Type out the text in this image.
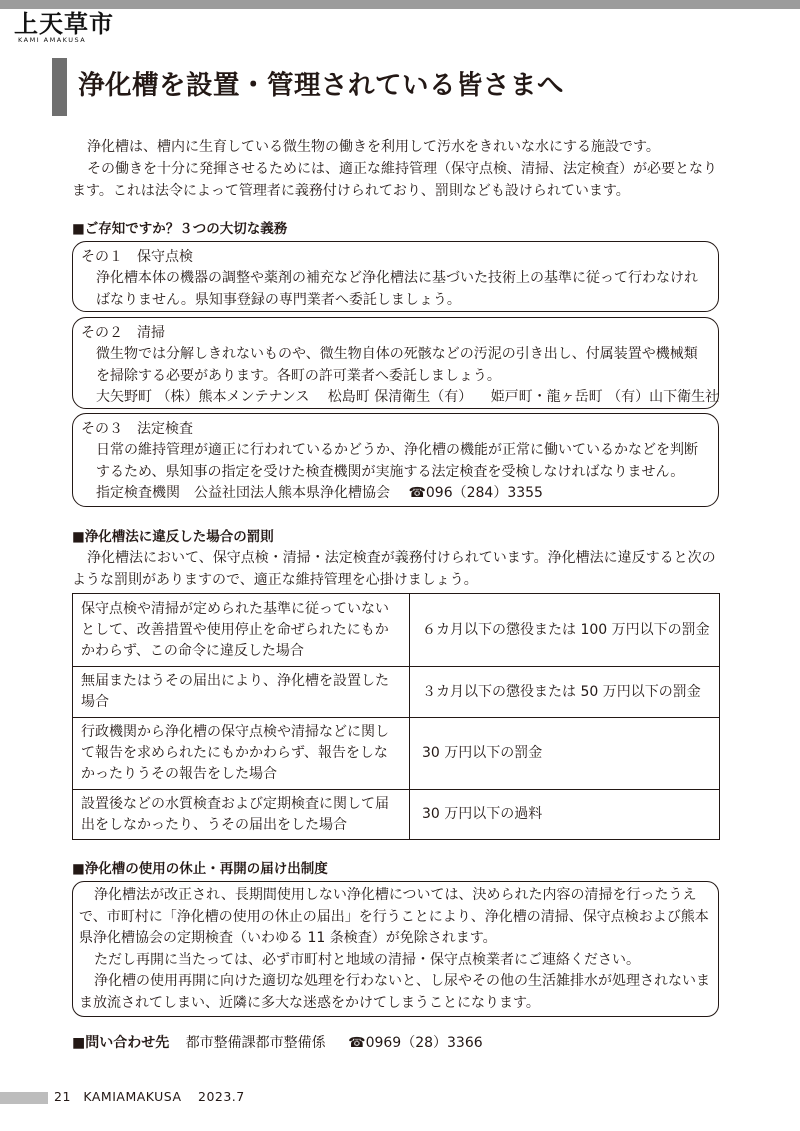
上天草市
KAMI AMAKUSA
浄化槽を設置・管理されている皆さまへ

浄化槽は、槽内に生育している微生物の働きを利用して汚水をきれいな水にする施設です。

その働きを十分に発揮させるためには、適正な維持管理（保守点検、清掃、法定検査）が必要となります。これは法令によって管理者に義務付けられており、罰則なども設けられています。

■ご存知ですか？３つの大切な義務
その１　保守点検
浄化槽本体の機器の調整や薬剤の補充など浄化槽法に基づいた技術上の基準に従って行わなければなりません。県知事登録の専門業者へ委託しましょう。
その２　清掃
微生物では分解しきれないものや、微生物自体の死骸などの汚泥の引き出し、付属装置や機械類を掃除する必要があります。各町の許可業者へ委託しましょう。
大矢野町 （株）熊本メンテナンス　 松島町 保清衛生（有） 　姫戸町・龍ヶ岳町 （有）山下衛生社
その３　法定検査
日常の維持管理が適正に行われているかどうか、浄化槽の機能が正常に働いているかなどを判断するため、県知事の指定を受けた検査機関が実施する法定検査を受検しなければなりません。
指定検査機関　公益社団法人熊本県浄化槽協会　 ☎096（284）3355
■浄化槽法に違反した場合の罰則

浄化槽法において、保守点検・清掃・法定検査が義務付けられています。浄化槽法に違反すると次のような罰則がありますので、適正な維持管理を心掛けましょう。

保守点検や清掃が定められた基準に従っていないとして、改善措置や使用停止を命ぜられたにもかかわらず、この命令に違反した場合	６カ月以下の懲役または 100 万円以下の罰金
無届またはうその届出により、浄化槽を設置した場合	３カ月以下の懲役または 50 万円以下の罰金
行政機関から浄化槽の保守点検や清掃などに関して報告を求められたにもかかわらず、報告をしなかったりうその報告をした場合	30 万円以下の罰金
設置後などの水質検査および定期検査に関して届出をしなかったり、うその届出をした場合	30 万円以下の過料
■浄化槽の使用の休止・再開の届け出制度

浄化槽法が改正され、長期間使用しない浄化槽については、決められた内容の清掃を行ったうえで、市町村に「浄化槽の使用の休止の届出」を行うことにより、浄化槽の清掃、保守点検および熊本県浄化槽協会の定期検査（いわゆる 11 条検査）が免除されます。

ただし再開に当たっては、必ず市町村と地域の清掃・保守点検業者にご連絡ください。

浄化槽の使用再開に向けた適切な処理を行わないと、し尿やその他の生活雑排水が処理されないまま放流されてしまい、近隣に多大な迷惑をかけてしまうことになります。

■問い合わせ先 都市整備課都市整備係 ☎0969（28）3366
21 KAMIAMAKUSA 2023.7
